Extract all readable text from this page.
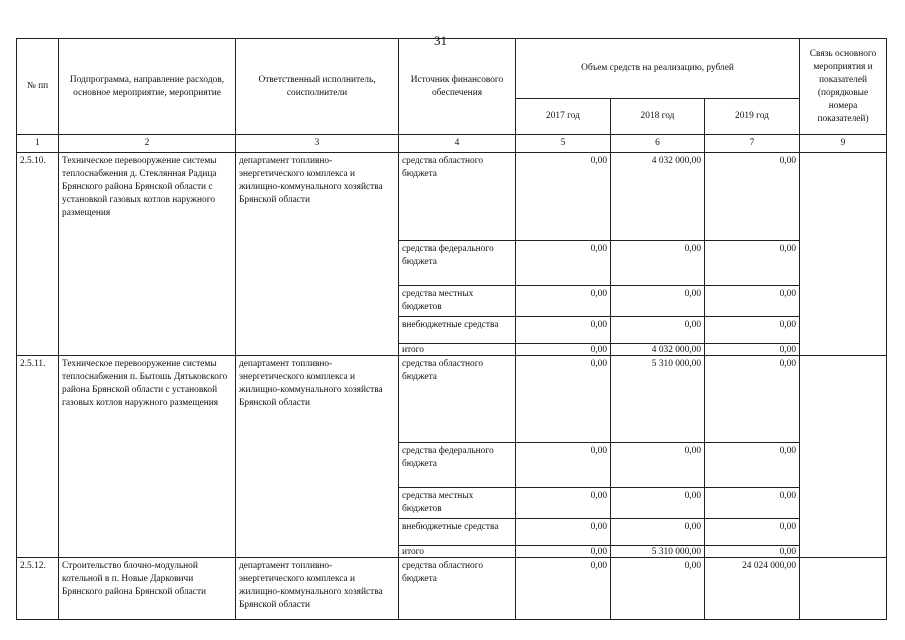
31
№ пп	Подпрограмма, направление расходов, основное мероприятие, мероприятие	Ответственный исполнитель, соисполнители	Источник финансового обеспечения	Объем средств на реализацию, рублей			Связь основного мероприятия и показателей (порядковые номера показателей)
				2017 год	2018 год	2019 год	
1	2	3	4	5	6	7	9
2.5.10.	Техническое перевооружение системы теплоснабжения д. Стеклянная Радица Брянского района Брянской области с установкой газовых котлов наружного размещения	департамент топливно-энергетического комплекса и жилищно-коммунального хозяйства Брянской области	средства областного бюджета	0,00	4 032 000,00	0,00	
			средства федерального бюджета	0,00	0,00	0,00	
			средства местных бюджетов	0,00	0,00	0,00	
			внебюджетные средства	0,00	0,00	0,00	
			итого	0,00	4 032 000,00	0,00	
2.5.11.	Техническое перевооружение системы теплоснабжения п. Бытошь Дятьковского района Брянской области с установкой газовых котлов наружного размещения	департамент топливно-энергетического комплекса и жилищно-коммунального хозяйства Брянской области	средства областного бюджета	0,00	5 310 000,00	0,00	
			средства федерального бюджета	0,00	0,00	0,00	
			средства местных бюджетов	0,00	0,00	0,00	
			внебюджетные средства	0,00	0,00	0,00	
			итого	0,00	5 310 000,00	0,00	
2.5.12.	Строительство блочно-модульной котельной в п. Новые Дарковичи Брянского района Брянской области	департамент топливно-энергетического комплекса и жилищно-коммунального хозяйства Брянской области	средства областного бюджета	0,00	0,00	24 024 000,00	
